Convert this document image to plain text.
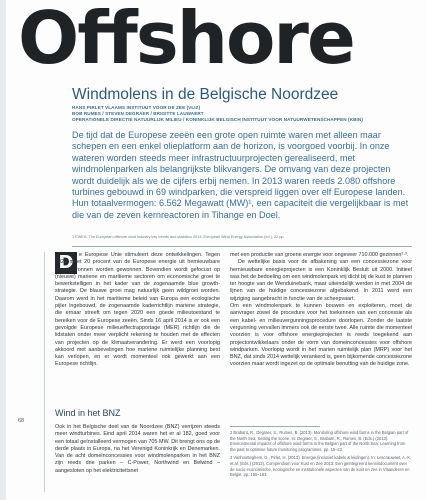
Offshore
Windmolens in de Belgische Noordzee
HANS PIRLET VLAAMS INSTITUUT VOOR DE ZEE (VLIZ)
BOB RUMES / STEVEN DEGRAER / BRIGITTE LAUWAERT
OPERATIONELE DIRECTIE NATUURLIJK MILIEU / KONINKLIJK BELGISCH INSTITUUT VOOR NATUURWETENSCHAPPEN (KBIN)
De tijd dat de Europese zeeën een grote open ruimte waren met alleen maar schepen en een enkel olieplatform aan de horizon, is voorgoed voorbij. In onze wateren worden steeds meer infrastructuurprojecten gerealiseerd, met windmolenparken als belangrijkste blikvangers. De omvang van deze projecten wordt duidelijk als we de cijfers erbij nemen. In 2013 waren reeds 2.080 offshore turbines gebouwd in 69 windparken, die verspreid liggen over elf Europese landen. Hun totaalvermogen: 6.562 Megawatt (MW)¹, een capaciteit die vergelijkbaar is met die van de zeven kernreactoren in Tihange en Doel.
1 EWEA. The European offshore wind industry key trends and statistics 2013. European Wind Energy Association (ed.), 22 pp.
D	e Europese Unie stimuleert deze ontwikkelingen. Tegen 2020 moet 20 procent van de Europese energie uit hernieuwbare energiebronnen worden gewonnen. Bovendien wordt gefocust op (nieuwe) mariene en maritieme sectoren om economische groei te bewerkstelligen in het kader van de zogenaamde blue growth-strategie. De blauwe groei mag natuurlijk geen wildgroei worden. Daarom werd in het maritieme beleid van Europa een ecologische pijler ingebouwd, de zogenaamde kaderrichtlijn mariene strategie, die ernaar streeft om tegen 2020 een goede milieutoestand te bereiken voor de Europese zeeën. Sinds 16 april 2014 is er ook een gevolgde Europese milieueffectrapportage (MER) richtlijn die de lidstaten onder meer verplicht rekening te houden met de effecten van projecten op de klimaatverandering. Er werd een voorlopig akkoord met aanbevelingen hoe mariene ruimtelijke planning best kan verlopen, en er wordt momenteel ook gewerkt aan een Europese richtlijn.

Wind in het BNZ
Ook in het Belgische deel van de Noordzee (BNZ) verrijzen steeds meer windturbines. Eind april 2014 waren het er al 182, goed voor een totaal geïnstalleerd vermogen van 705 MW. Dit brengt ons op de derde plaats in Europa, na het Verenigd Koninkrijk en Denemarken. Van de acht domeinconcessies voor windmolenparken in het BNZ zijn reeds drie parken – C-Power, Northwind en Belwind – aangesloten op het elektriciteitsnet
68

met een productie van groene energie voor ongeveer 710.000 gezinnen²·³.

De wettelijke basis voor de afbakening van een concessiezone voor hernieuwbare energieprojecten is een Koninklijk Besluit uit 2000. Initieel was het de bedoeling om een windmolenpark vrij dicht bij de kust te plannen ter hoogte van de Wenduinebank, maar uiteindelijk werden in met 2004 de lijnen van de huidige concessiezone afgebakend. In 2011 werd een wijziging aangebracht in functie van de scheepvaart.

Om een windmolenpark te kunnen bouwen en exploiteren, moet de aanvrager zowel de procedure voor het toekennen van een concessie als een kabel- en milieuvergunningsprocedure doorlopen. Zonder de laatste vergunning vervallen immers ook de eerste twee. Alle ruimte die momenteel voorzien is voor offshore energieprojecten is reeds toegekend aan projectontwikkelaars onder de vorm van domeinconcessies voor offshore windparken. Voorlopig wordt in het marien ruimtelijk plan (MRP) voor het BNZ, dat sinds 2014 wettelijk verankerd is, geen bijkomende concessiezone voorzien maar wordt ingezet op de optimale benutting van de huidige zone.

2 Brabant, R., Degraer, S., Rumes, B. (2013). Monitoring offshore wind farms in the Belgian part of the North Sea: Setting the scene. In: Degraer, S., Brabant, R., Rumes, B. (Eds.) (2013). Environmental impacts of offshore wind farms in the Belgian part of the North Sea: Learning from the past to optimise future monitoring programmes. pp. 15–23.
3 Vanhoutteghem, G., Pirlet, H. (2013). Energie (inclusief kabels & leidingen). In: Lescrauwaet, A.-K. et al. (Eds.) (2013). Compendium voor Kust en Zee 2013: Een geïntegreerd kennisdocument over de socio-economische, ecologische en institutionele aspecten van de kust en zee in Vlaanderen en België. pp. 155–163.
